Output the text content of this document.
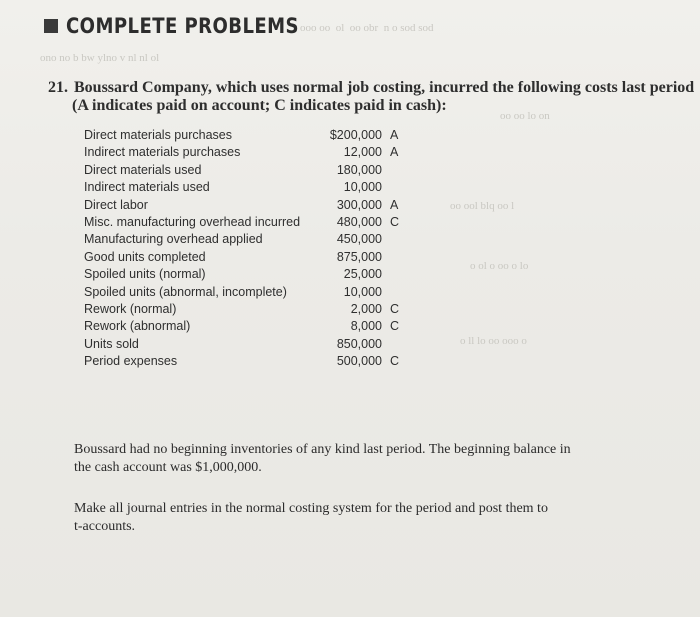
ooo oo  ol  oo obr  n o sod sod
ono no b bw ylno v nl nl ol
oo oo lo on
oo ool blq oo l
o ol o oo o lo
o ll lo oo ooo o
COMPLETE PROBLEMS
21. Boussard Company, which uses normal job costing, incurred the following costs last period
(A indicates paid on account; C indicates paid in cash):
Direct materials purchases	$200,000 A
Indirect materials purchases	12,000 A
Direct materials used	180,000
Indirect materials used	10,000
Direct labor	300,000 A
Misc. manufacturing overhead incurred	480,000 C
Manufacturing overhead applied	450,000
Good units completed	875,000
Spoiled units (normal)	25,000
Spoiled units (abnormal, incomplete)	10,000
Rework (normal)	2,000 C
Rework (abnormal)	8,000 C
Units sold	850,000
Period expenses	500,000 C
Boussard had no beginning inventories of any kind last period. The beginning balance in
the cash account was $1,000,000.
Make all journal entries in the normal costing system for the period and post them to
t-accounts.
